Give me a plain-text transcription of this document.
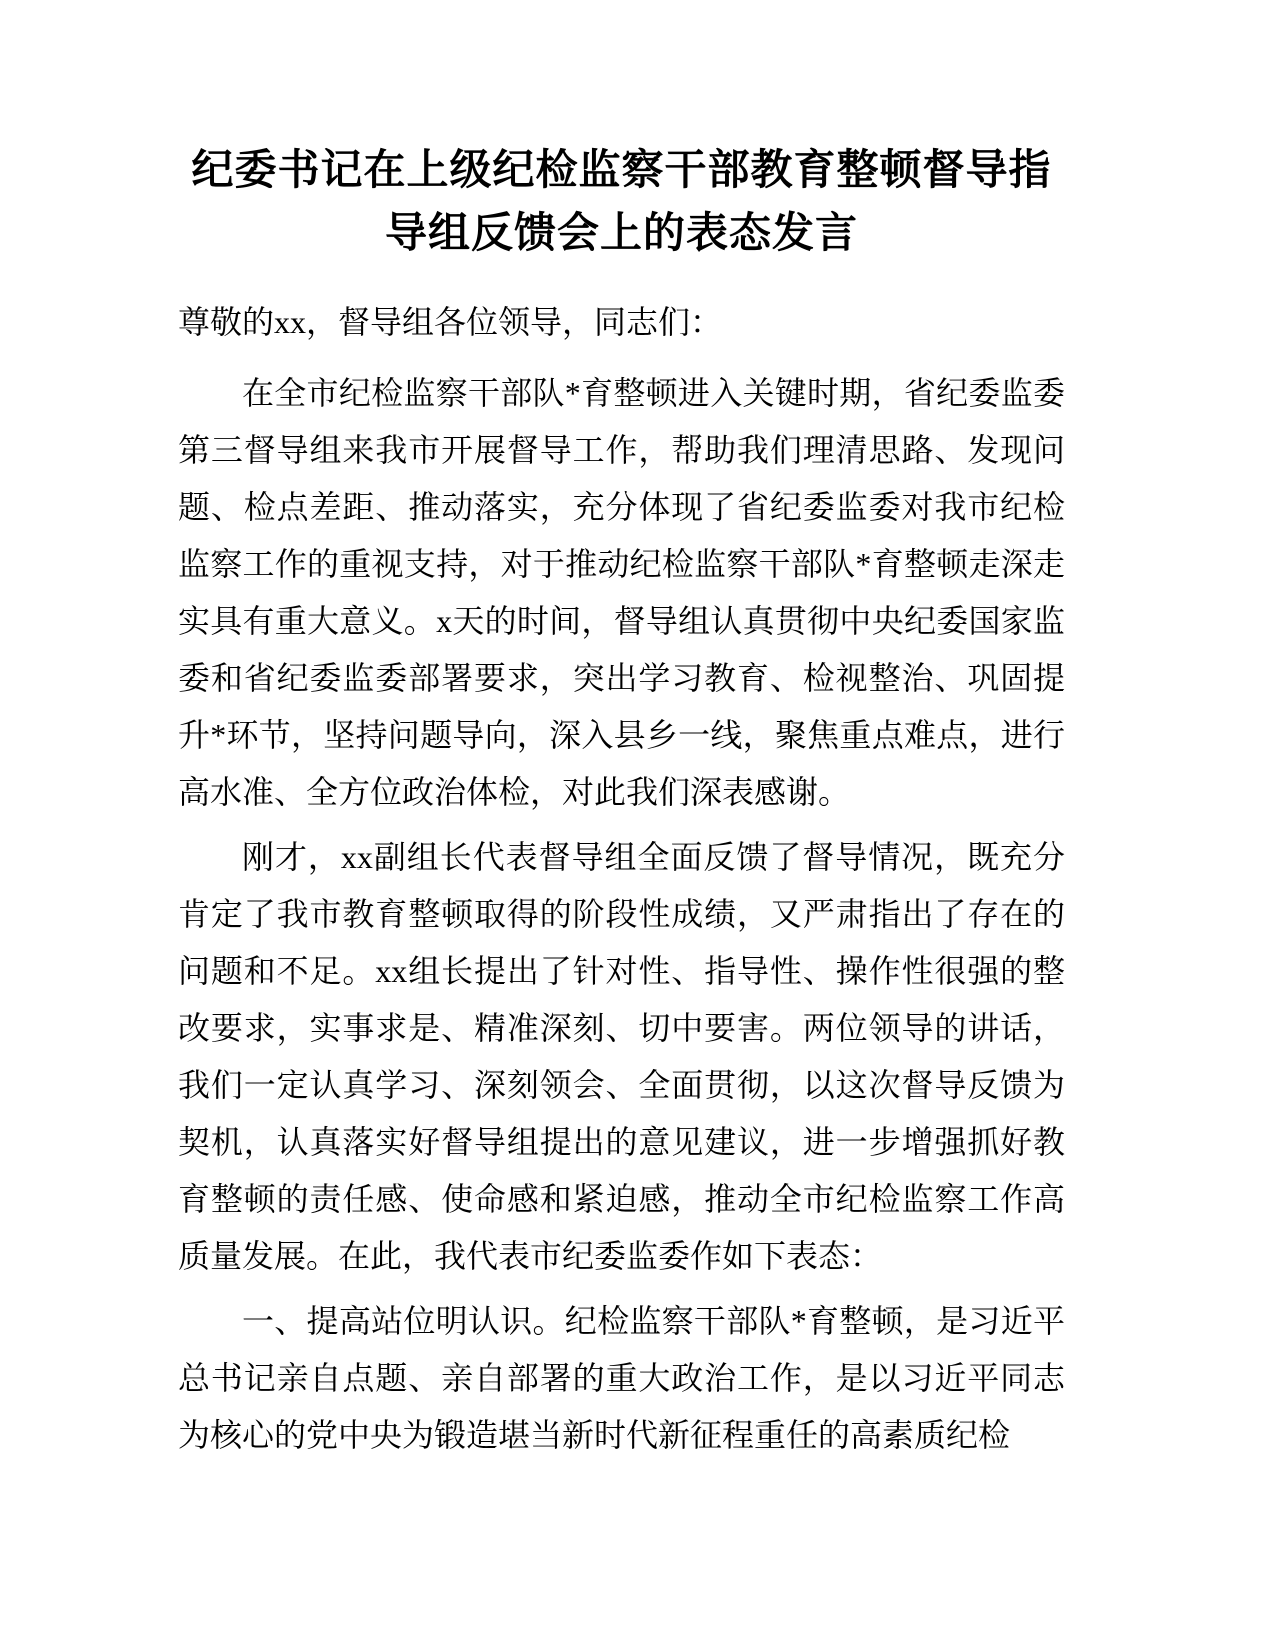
纪委书记在上级纪检监察干部教育整顿督导指导组反馈会上的表态发言

尊敬的xx，督导组各位领导，同志们：

在全市纪检监察干部队*育整顿进入关键时期，省纪委监委第三督导组来我市开展督导工作，帮助我们理清思路、发现问题、检点差距、推动落实，充分体现了省纪委监委对我市纪检监察工作的重视支持，对于推动纪检监察干部队*育整顿走深走实具有重大意义。x天的时间，督导组认真贯彻中央纪委国家监委和省纪委监委部署要求，突出学习教育、检视整治、巩固提升*环节，坚持问题导向，深入县乡一线，聚焦重点难点，进行高水准、全方位政治体检，对此我们深表感谢。

刚才，xx副组长代表督导组全面反馈了督导情况，既充分肯定了我市教育整顿取得的阶段性成绩，又严肃指出了存在的问题和不足。xx组长提出了针对性、指导性、操作性很强的整改要求，实事求是、精准深刻、切中要害。两位领导的讲话，我们一定认真学习、深刻领会、全面贯彻，以这次督导反馈为契机，认真落实好督导组提出的意见建议，进一步增强抓好教育整顿的责任感、使命感和紧迫感，推动全市纪检监察工作高质量发展。在此，我代表市纪委监委作如下表态：

一、提高站位明认识。纪检监察干部队*育整顿，是习近平总书记亲自点题、亲自部署的重大政治工作，是以习近平同志为核心的党中央为锻造堪当新时代新征程重任的高素质纪检
